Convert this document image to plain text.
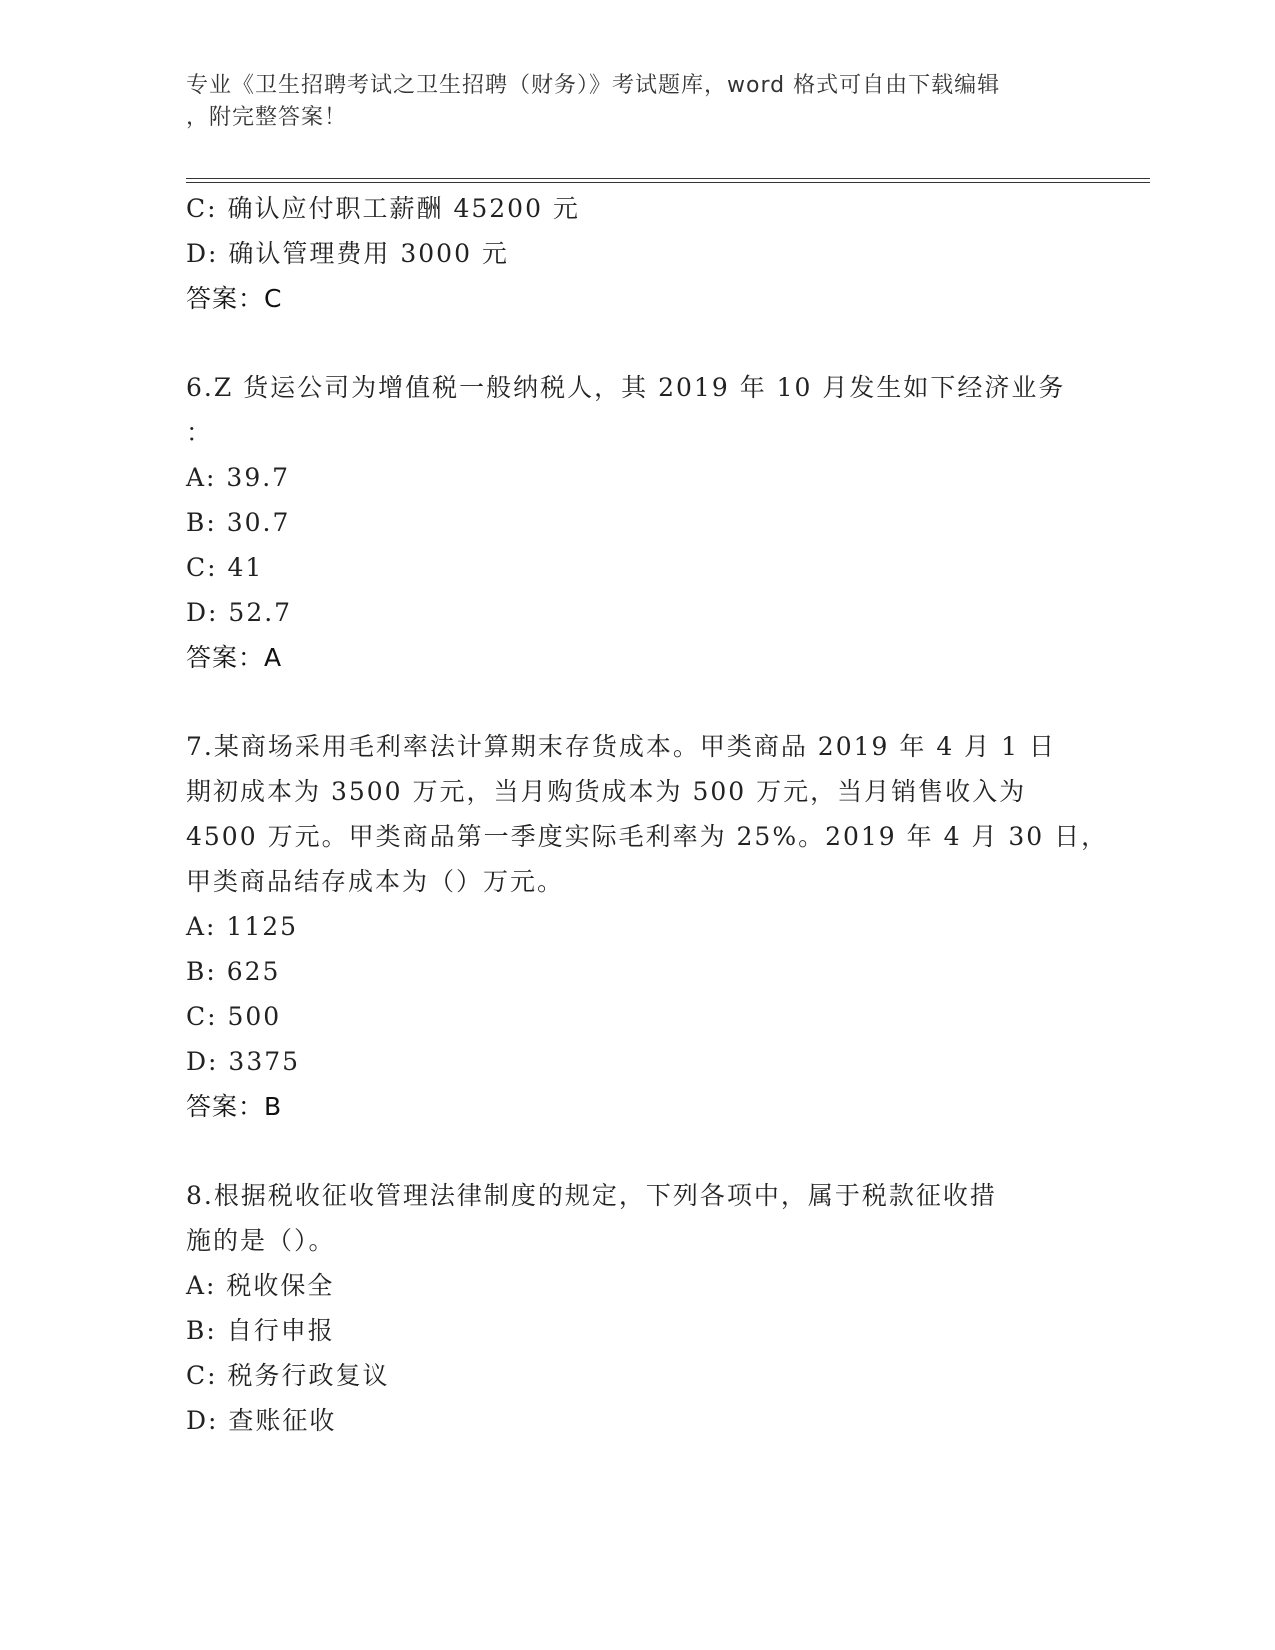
专业《卫生招聘考试之卫生招聘（财务）》考试题库，word 格式可自由下载编辑
，附完整答案！
C: 确认应付职工薪酬 45200 元
D: 确认管理费用 3000 元
答案：C
6.Z 货运公司为增值税一般纳税人，其 2019 年 10 月发生如下经济业务
：
A: 39.7
B: 30.7
C: 41
D: 52.7
答案：A
7.某商场采用毛利率法计算期末存货成本。甲类商品 2019 年 4 月 1 日
期初成本为 3500 万元，当月购货成本为 500 万元，当月销售收入为
4500 万元。甲类商品第一季度实际毛利率为 25%。2019 年 4 月 30 日，
甲类商品结存成本为（）万元。
A: 1125
B: 625
C: 500
D: 3375
答案：B
8.根据税收征收管理法律制度的规定，下列各项中，属于税款征收措
施的是（）。
A: 税收保全
B: 自行申报
C: 税务行政复议
D: 查账征收
